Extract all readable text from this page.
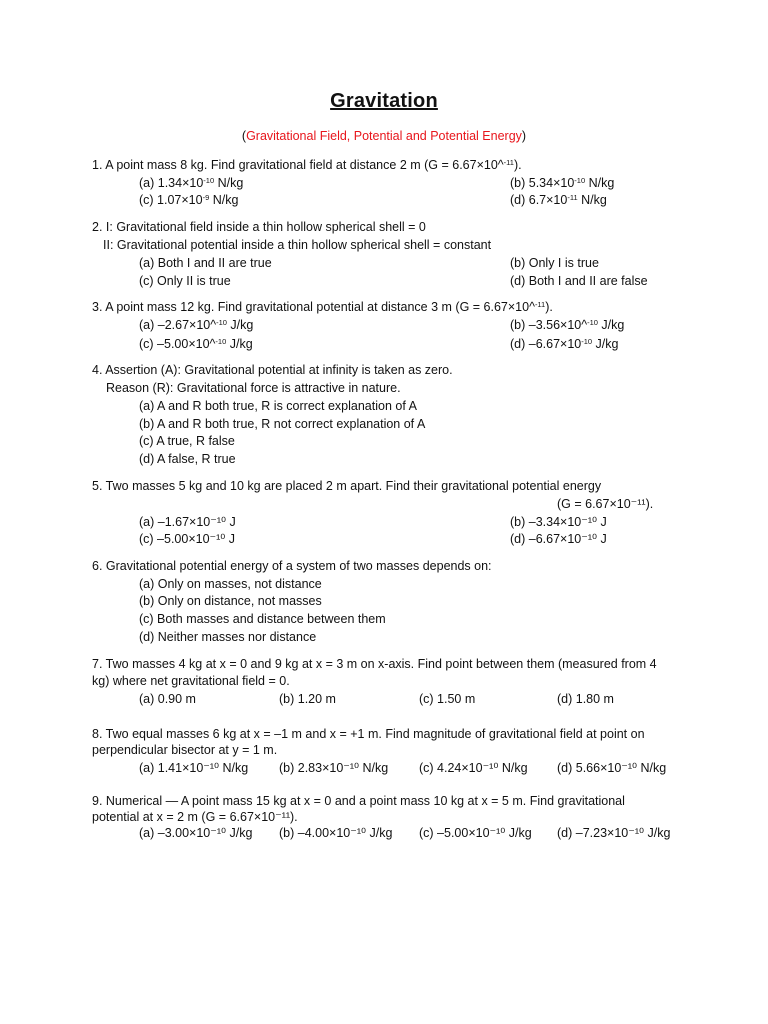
Gravitation
(Gravitational Field, Potential and Potential Energy)
1. A point mass 8 kg. Find gravitational field at distance 2 m (G = 6.67×10^$^{-11}$).
(a) $1.34\times 10^{-10}$ N/kg	(b) $5.34\times 10^{-10}$ N/kg
(c) $1.07\times 10^{-9}$ N/kg	(d) $6.7\times 10^{-11}$ N/kg
2. I: Gravitational field inside a thin hollow spherical shell = 0
II: Gravitational potential inside a thin hollow spherical shell = constant
(a) Both I and II are true	(b) Only I is true
(c) Only II is true	(d) Both I and II are false
3. A point mass 12 kg. Find gravitational potential at distance 3 m (G = 6.67×10^$^{-11}$).
(a) –2.67×10^$^{-10}$ J/kg	(b) –3.56×10^$^{-10}$ J/kg
(c) –5.00×10^$^{-10}$ J/kg	(d) $-6.67\times 10^{-10}$ J/kg
4. Assertion (A): Gravitational potential at infinity is taken as zero.
Reason (R): Gravitational force is attractive in nature.
(a) A and R both true, R is correct explanation of A
(b) A and R both true, R not correct explanation of A
(c) A true, R false
(d) A false, R true
5. Two masses 5 kg and 10 kg are placed 2 m apart. Find their gravitational potential energy
(G = 6.67×10⁻¹¹).
(a) –1.67×10⁻¹⁰ J	(b) –3.34×10⁻¹⁰ J
(c) –5.00×10⁻¹⁰ J	(d) –6.67×10⁻¹⁰ J
6. Gravitational potential energy of a system of two masses depends on:
(a) Only on masses, not distance
(b) Only on distance, not masses
(c) Both masses and distance between them
(d) Neither masses nor distance
7. Two masses 4 kg at x = 0 and 9 kg at x = 3 m on x-axis. Find point between them (measured from 4
kg) where net gravitational field = 0.
(a) 0.90 m	(b) 1.20 m	(c) 1.50 m	(d) 1.80 m
8. Two equal masses 6 kg at x = –1 m and x = +1 m. Find magnitude of gravitational field at point on
perpendicular bisector at y = 1 m.
(a) 1.41×10⁻¹⁰ N/kg (b) 2.83×10⁻¹⁰ N/kg (c) 4.24×10⁻¹⁰ N/kg (d) 5.66×10⁻¹⁰ N/kg
9. Numerical — A point mass 15 kg at x = 0 and a point mass 10 kg at x = 5 m. Find gravitational
potential at x = 2 m (G = 6.67×10⁻¹¹).
(a) –3.00×10⁻¹⁰ J/kg (b) –4.00×10⁻¹⁰ J/kg (c) –5.00×10⁻¹⁰ J/kg (d) –7.23×10⁻¹⁰ J/kg
